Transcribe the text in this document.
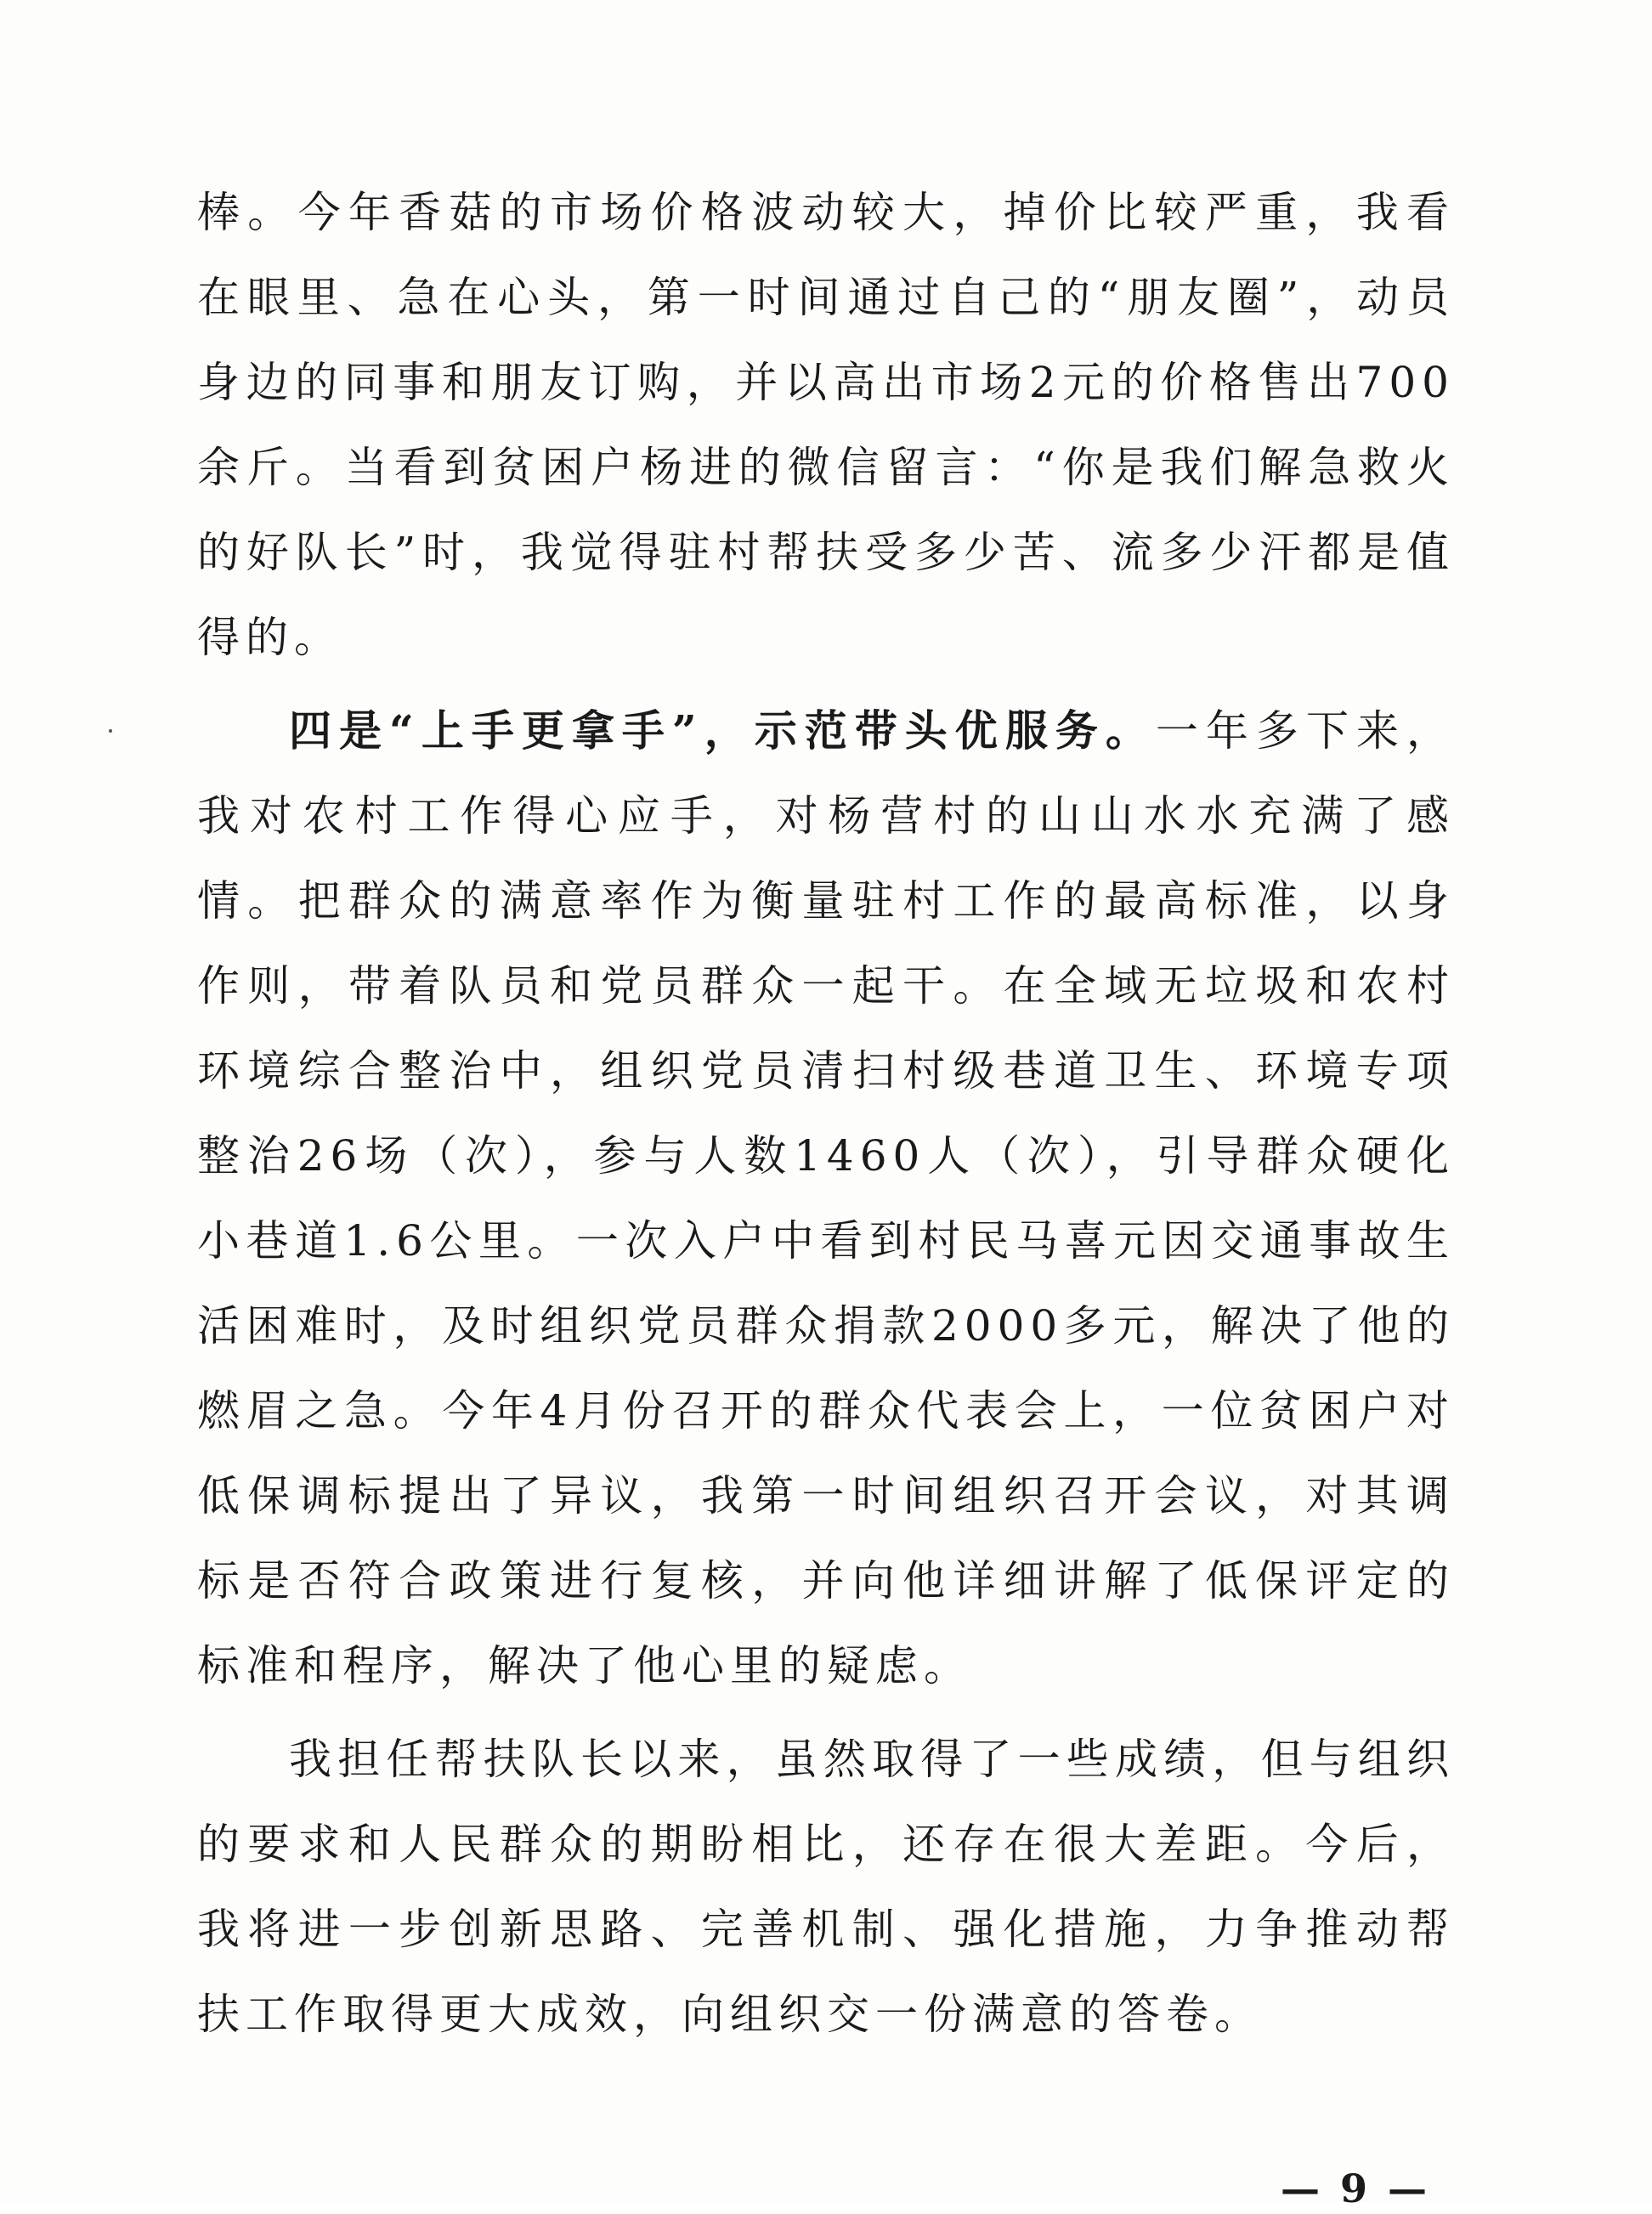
棒。今年香菇的市场价格波动较大，掉价比较严重，我看在眼里、急在心头，第一时间通过自己的“朋友圈”，动员身边的同事和朋友订购，并以高出市场2元的价格售出700余斤。当看到贫困户杨进的微信留言：“你是我们解急救火的好队长”时，我觉得驻村帮扶受多少苦、流多少汗都是值得的。

四是“上手更拿手”，示范带头优服务。一年多下来，我对农村工作得心应手，对杨营村的山山水水充满了感情。把群众的满意率作为衡量驻村工作的最高标准，以身作则，带着队员和党员群众一起干。在全域无垃圾和农村环境综合整治中，组织党员清扫村级巷道卫生、环境专项整治26场（次），参与人数1460人（次），引导群众硬化小巷道1.6公里。一次入户中看到村民马喜元因交通事故生活困难时，及时组织党员群众捐款2000多元，解决了他的燃眉之急。今年4月份召开的群众代表会上，一位贫困户对低保调标提出了异议，我第一时间组织召开会议，对其调标是否符合政策进行复核，并向他详细讲解了低保评定的标准和程序，解决了他心里的疑虑。

我担任帮扶队长以来，虽然取得了一些成绩，但与组织的要求和人民群众的期盼相比，还存在很大差距。今后，我将进一步创新思路、完善机制、强化措施，力争推动帮扶工作取得更大成效，向组织交一份满意的答卷。

— 9 —
